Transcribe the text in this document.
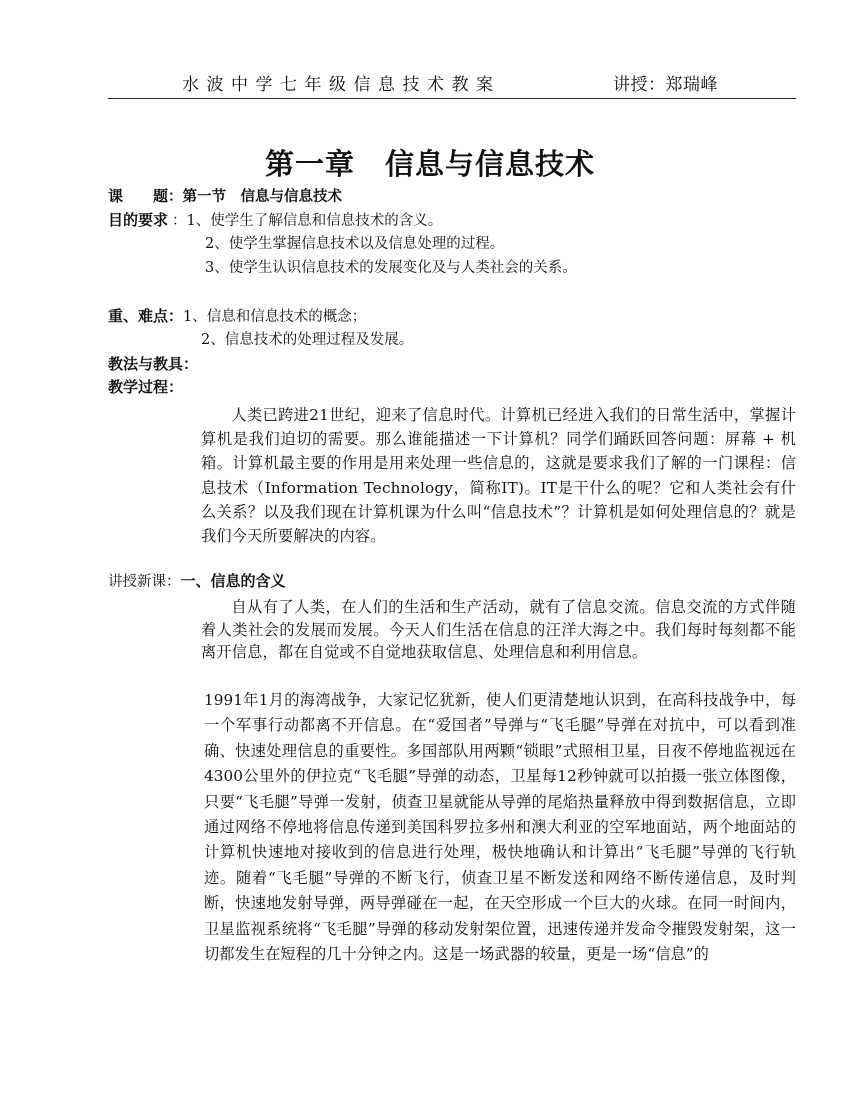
水波中学七年级信息技术教案	讲授：郑瑞峰
第一章　信息与信息技术
课　　题：第一节　信息与信息技术
目的要求 ：1、使学生了解信息和信息技术的含义。
2、使学生掌握信息技术以及信息处理的过程。
3、使学生认识信息技术的发展变化及与人类社会的关系。
重、难点：1、信息和信息技术的概念；
2、信息技术的处理过程及发展。
教法与教具：
教学过程：

人类已跨进21世纪，迎来了信息时代。计算机已经进入我们的日常生活中，掌握计算机是我们迫切的需要。那么谁能描述一下计算机？同学们踊跃回答问题：屏幕 + 机箱。计算机最主要的作用是用来处理一些信息的，这就是要求我们了解的一门课程：信息技术（Information Technology，简称IT)。IT是干什么的呢？它和人类社会有什么关系？以及我们现在计算机课为什么叫“信息技术”？计算机是如何处理信息的？就是我们今天所要解决的内容。

讲授新课：一、信息的含义

自从有了人类，在人们的生活和生产活动，就有了信息交流。信息交流的方式伴随着人类社会的发展而发展。今天人们生活在信息的汪洋大海之中。我们每时每刻都不能离开信息，都在自觉或不自觉地获取信息、处理信息和利用信息。

1991年1月的海湾战争，大家记忆犹新，使人们更清楚地认识到，在高科技战争中，每一个军事行动都离不开信息。在“爱国者”导弹与“飞毛腿”导弹在对抗中，可以看到准确、快速处理信息的重要性。多国部队用两颗“锁眼”式照相卫星，日夜不停地监视远在4300公里外的伊拉克“飞毛腿”导弹的动态，卫星每12秒钟就可以拍摄一张立体图像，只要“飞毛腿”导弹一发射，侦查卫星就能从导弹的尾焰热量释放中得到数据信息，立即通过网络不停地将信息传递到美国科罗拉多州和澳大利亚的空军地面站，两个地面站的计算机快速地对接收到的信息进行处理，极快地确认和计算出“飞毛腿”导弹的飞行轨迹。随着“飞毛腿”导弹的不断飞行，侦查卫星不断发送和网络不断传递信息，及时判断，快速地发射导弹，两导弹碰在一起，在天空形成一个巨大的火球。在同一时间内，卫星监视系统将“飞毛腿”导弹的移动发射架位置，迅速传递并发命令摧毁发射架，这一切都发生在短程的几十分钟之内。这是一场武器的较量，更是一场“信息”的
